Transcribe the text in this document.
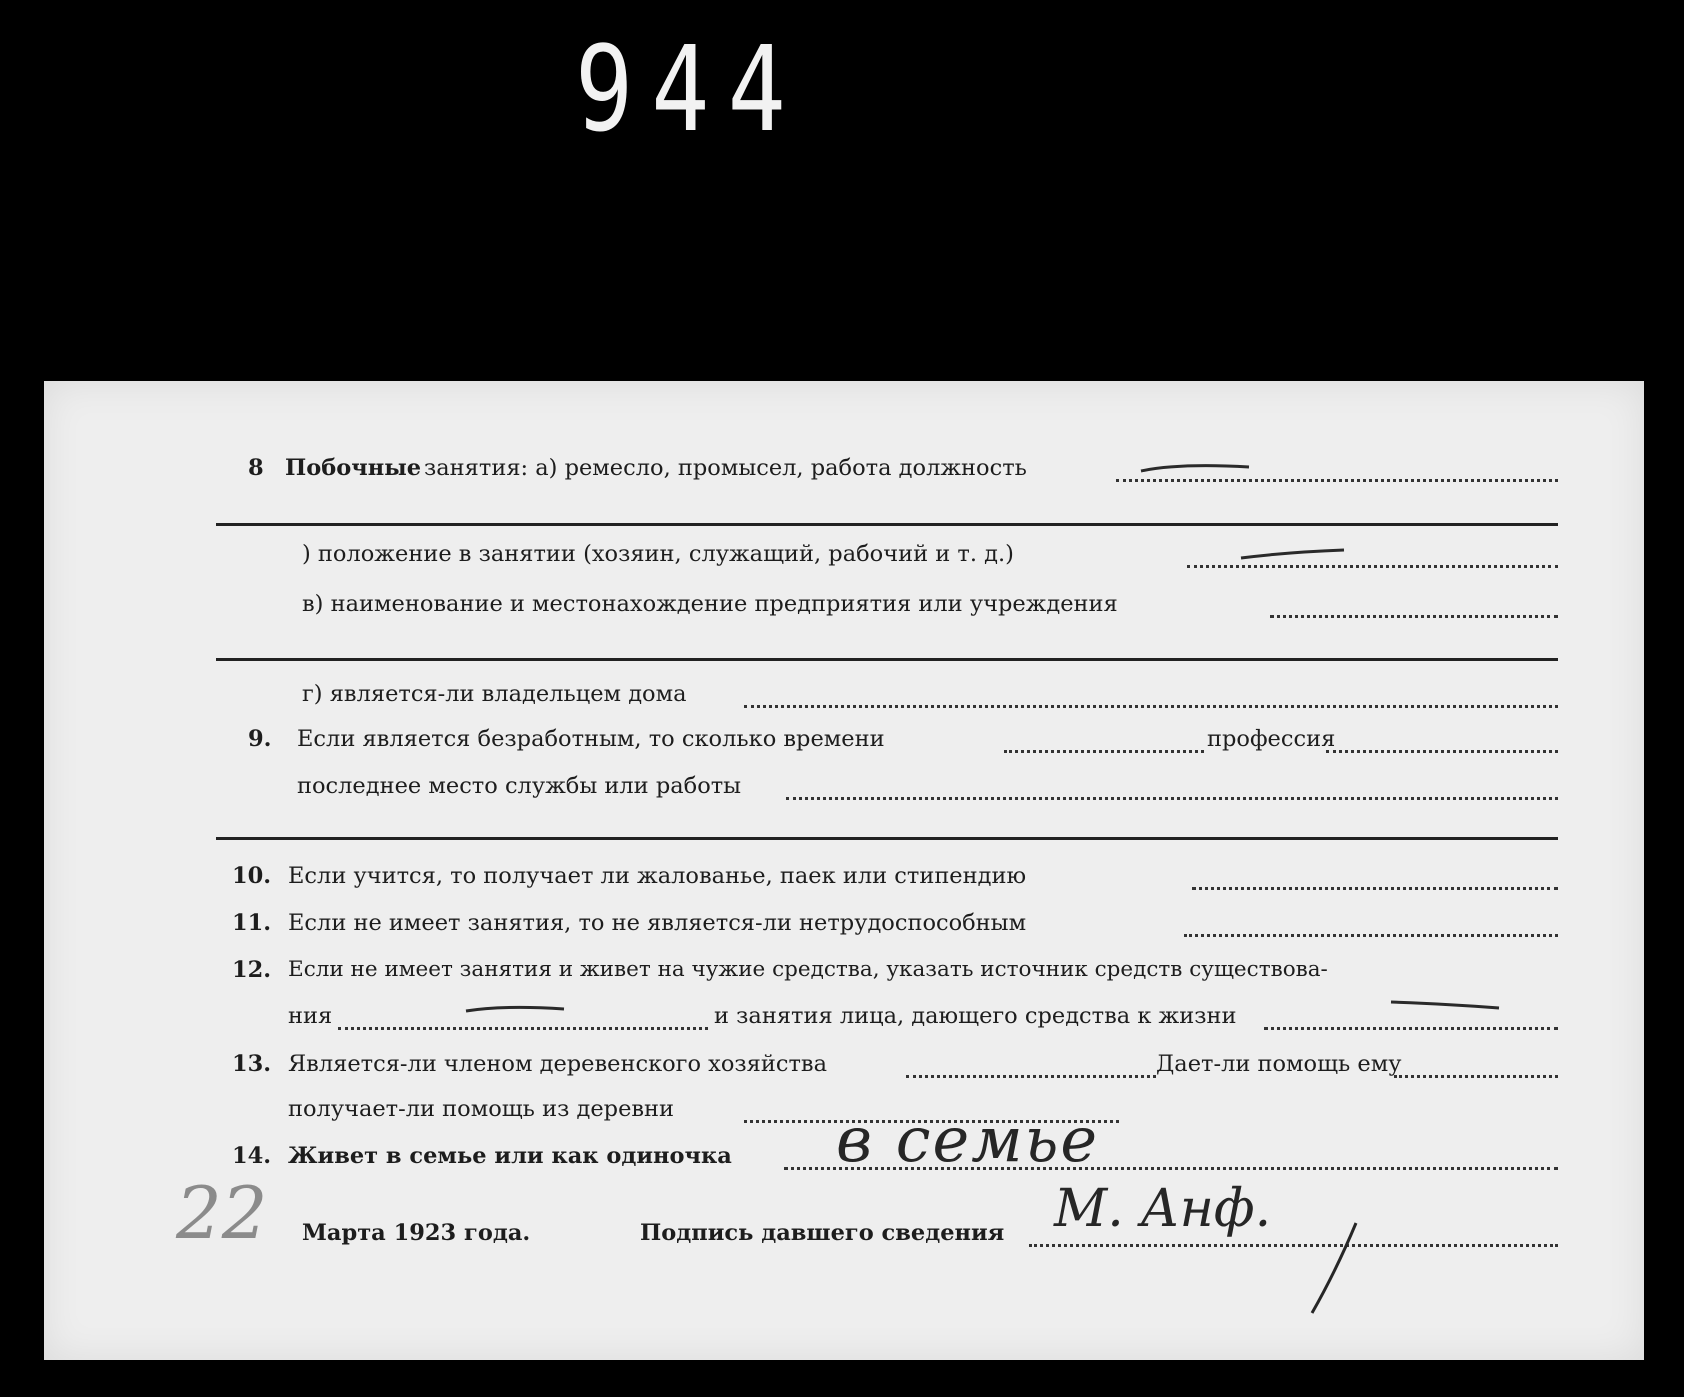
944
8 Побочные занятия: а) ремесло, промысел, работа должность
) положение в занятии (хозяин, служащий, рабочий и т. д.)
в) наименование и местонахождение предприятия или учреждения
г) является-ли владельцем дома
9. Если является безработным, то сколько времени	профессия
последнее место службы или работы
10. Если учится, то получает ли жалованье, паек или стипендию
11. Если не имеет занятия, то не является-ли нетрудоспособным
12. Если не имеет занятия и живет на чужие средства, указать источник средств существова-
ния	и занятия лица, дающего средства к жизни
13. Является-ли членом деревенского хозяйства	Дает-ли помощь ему
получает-ли помощь из деревни
14. Живет в семье или как одиночка в семье
22 Марта 1923 года.	Подпись давшего сведения М. Анф.
